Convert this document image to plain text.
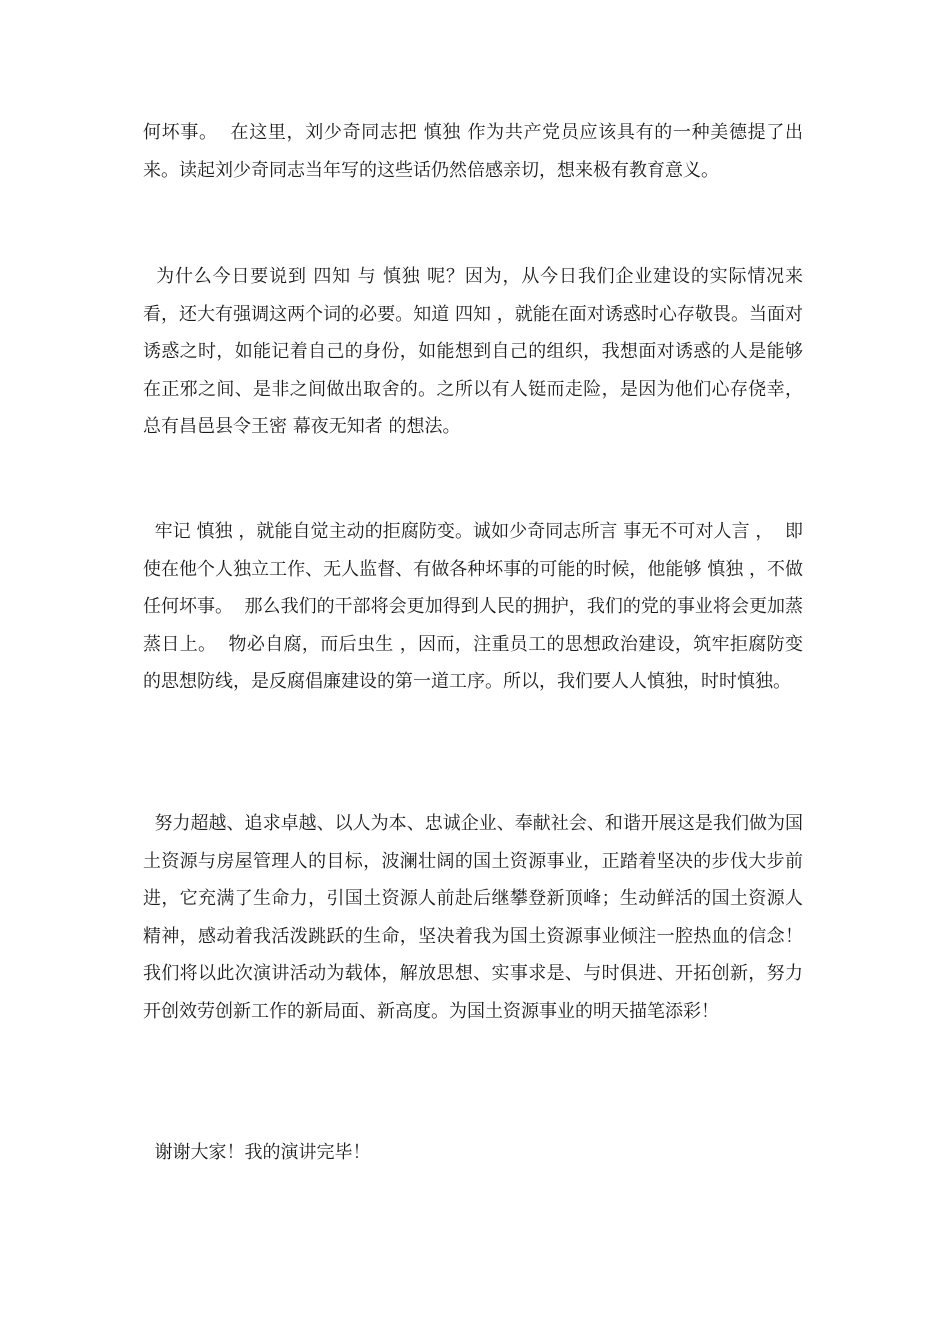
何坏事。  在这里，刘少奇同志把 慎独 作为共产党员应该具有的一种美德提了出来。读起刘少奇同志当年写的这些话仍然倍感亲切，想来极有教育意义。

为什么今日要说到 四知 与 慎独 呢？因为，从今日我们企业建设的实际情况来看，还大有强调这两个词的必要。知道 四知 ，就能在面对诱惑时心存敬畏。当面对诱惑之时，如能记着自己的身份，如能想到自己的组织，我想面对诱惑的人是能够在正邪之间、是非之间做出取舍的。之所以有人铤而走险，是因为他们心存侥幸，总有昌邑县令王密 幕夜无知者 的想法。

牢记 慎独 ，就能自觉主动的拒腐防变。诚如少奇同志所言 事无不可对人言 ，  即使在他个人独立工作、无人监督、有做各种坏事的可能的时候，他能够 慎独 ，不做任何坏事。  那么我们的干部将会更加得到人民的拥护，我们的党的事业将会更加蒸蒸日上。  物必自腐，而后虫生 ，因而，注重员工的思想政治建设，筑牢拒腐防变的思想防线，是反腐倡廉建设的第一道工序。所以，我们要人人慎独，时时慎独。

努力超越、追求卓越、以人为本、忠诚企业、奉献社会、和谐开展这是我们做为国土资源与房屋管理人的目标，波澜壮阔的国土资源事业，正踏着坚决的步伐大步前进，它充满了生命力，引国土资源人前赴后继攀登新顶峰；生动鲜活的国土资源人精神，感动着我活泼跳跃的生命，坚决着我为国土资源事业倾注一腔热血的信念！我们将以此次演讲活动为载体，解放思想、实事求是、与时俱进、开拓创新，努力开创效劳创新工作的新局面、新高度。为国土资源事业的明天描笔添彩！

谢谢大家！我的演讲完毕！
